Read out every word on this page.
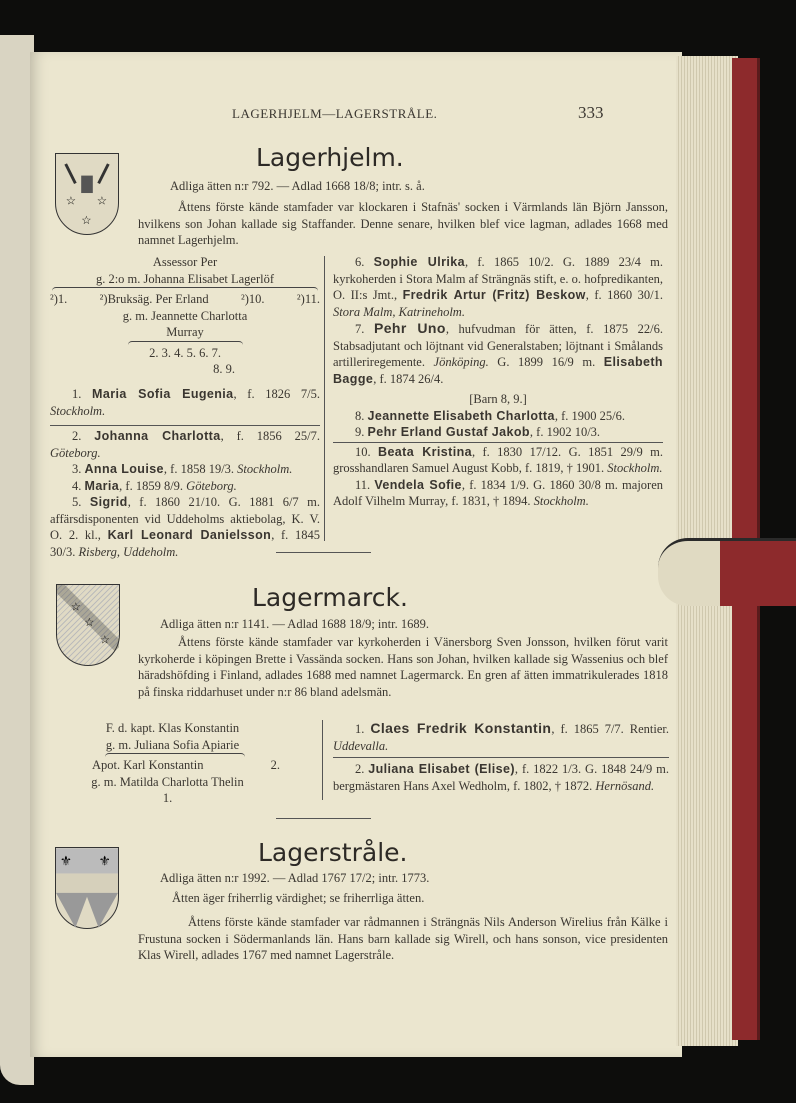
LAGERHJELM—LAGERSTRÅLE.	333
☆ ☆
☆
Lagerhjelm.
Adliga ätten n:r 792. — Adlad 1668 18/8; intr. s. å.
Åttens förste kände stamfader var klockaren i Stafnäs' socken i Värmlands län Björn Jansson, hvilkens son Johan kallade sig Staffander. Denne senare, hvilken blef vice lagman, adlades 1668 med namnet Lagerhjelm.
Assessor Per
g. 2:o m. Johanna Elisabet Lagerlöf
²)1.	²)Bruksäg. Per Erland	²)10.	²)11.
g. m. Jeannette Charlotta
Murray
2. 3. 4. 5. 6. 7.
8. 9.

1. Maria Sofia Eugenia, f. 1826 7/5. Stockholm.

2. Johanna Charlotta, f. 1856 25/7. Göteborg.

3. Anna Louise, f. 1858 19/3. Stockholm.

4. Maria, f. 1859 8/9. Göteborg.

5. Sigrid, f. 1860 21/10. G. 1881 6/7 m. affärsdisponenten vid Uddeholms aktiebolag, K. V. O. 2. kl., Karl Leonard Danielsson, f. 1845 30/3. Risberg, Uddeholm.

6. Sophie Ulrika, f. 1865 10/2. G. 1889 23/4 m. kyrkoherden i Stora Malm af Strängnäs stift, e. o. hofpredikanten, O. II:s Jmt., Fredrik Artur (Fritz) Beskow, f. 1860 30/1. Stora Malm, Katrineholm.

7. Pehr Uno, hufvudman för ätten, f. 1875 22/6. Stabsadjutant och löjtnant vid Generalstaben; löjtnant i Smålands artilleriregemente. Jönköping. G. 1899 16/9 m. Elisabeth Bagge, f. 1874 26/4.

[Barn 8, 9.]

8. Jeannette Elisabeth Charlotta, f. 1900 25/6.

9. Pehr Erland Gustaf Jakob, f. 1902 10/3.

10. Beata Kristina, f. 1830 17/12. G. 1851 29/9 m. grosshandlaren Samuel August Kobb, f. 1819, † 1901. Stockholm.

11. Vendela Sofie, f. 1834 1/9. G. 1860 30/8 m. majoren Adolf Vilhelm Murray, f. 1831, † 1894. Stockholm.

☆
☆
☆
Lagermarck.
Adliga ätten n:r 1141. — Adlad 1688 18/9; intr. 1689.
Åttens förste kände stamfader var kyrkoherden i Vänersborg Sven Jonsson, hvilken förut varit kyrkoherde i köpingen Brette i Vassända socken. Hans son Johan, hvilken kallade sig Wassenius och blef häradshöfding i Finland, adlades 1688 med namnet Lagermarck. En gren af ätten immatrikulerades 1818 på finska riddarhuset under n:r 86 bland adelsmän.
F. d. kapt. Klas Konstantin
g. m. Juliana Sofia Apiarie
Apot. Karl Konstantin	2.
g. m. Matilda Charlotta Thelin
1.

1. Claes Fredrik Konstantin, f. 1865 7/7. Rentier. Uddevalla.

2. Juliana Elisabet (Elise), f. 1822 1/3. G. 1848 24/9 m. bergmästaren Hans Axel Wedholm, f. 1802, † 1872. Hernösand.

⚜ ⚜	Lagerstråle.
Adliga ätten n:r 1992. — Adlad 1767 17/2; intr. 1773.
Åtten äger friherrlig värdighet; se friherrliga ätten.
Åttens förste kände stamfader var rådmannen i Strängnäs Nils Anderson Wirelius från Kälke i Frustuna socken i Södermanlands län. Hans barn kallade sig Wirell, och hans sonson, vice presidenten Klas Wirell, adlades 1767 med namnet Lagerstråle.
